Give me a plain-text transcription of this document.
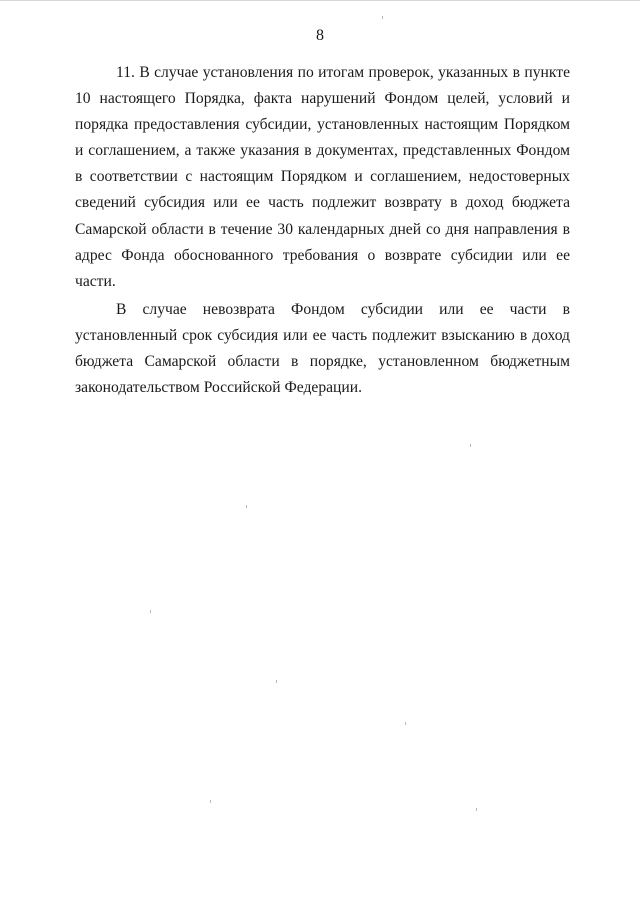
8

11. В случае установления по итогам проверок, указанных в пункте 10 настоящего Порядка, факта нарушений Фондом целей, условий и порядка предоставления субсидии, установленных настоящим Порядком и соглашением, а также указания в документах, представленных Фондом в соответствии с настоящим Порядком и соглашением, недостоверных сведений субсидия или ее часть подлежит возврату в доход бюджета Самарской области в течение 30 календарных дней со дня направления в адрес Фонда обоснованного требования о возврате субсидии или ее части.

В случае невозврата Фондом субсидии или ее части в установленный срок субсидия или ее часть подлежит взысканию в доход бюджета Самарской области в порядке, установленном бюджетным законодательством Российской Федерации.
